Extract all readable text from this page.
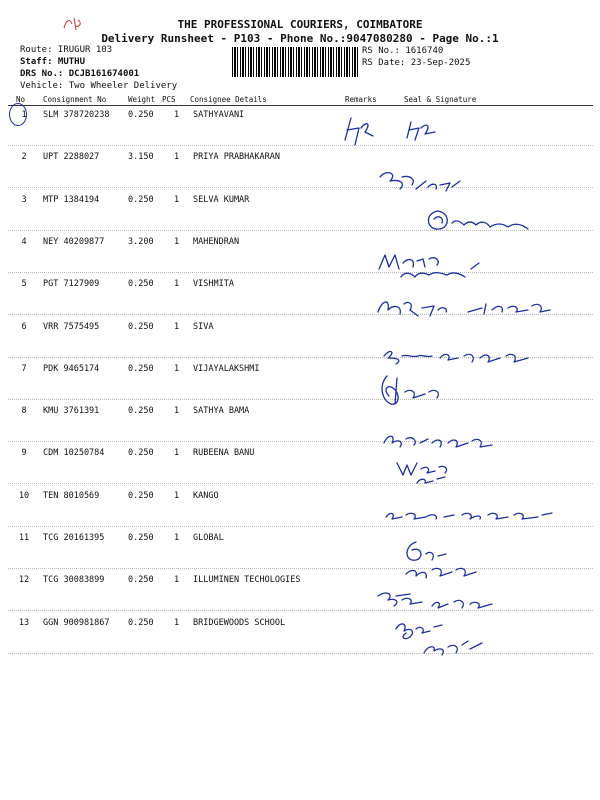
THE PROFESSIONAL COURIERS, COIMBATORE
Delivery Runsheet - P103 - Phone No.:9047080280 - Page No.:1
Route: IRUGUR 103
Staff: MUTHU
DRS No.: DCJB161674001
Vehicle: Two Wheeler Delivery
RS No.: 1616740
RS Date: 23-Sep-2025
No Consignment No	Weight PCS Consignee Details	Remarks	Seal & Signature
1	SLM 378720238 0.250 1 SATHYAVANI
2	UPT 2288027	3.150 1 PRIYA PRABHAKARAN
3	MTP 1384194	0.250 1 SELVA KUMAR
4	NEY 40209877	3.200 1 MAHENDRAN
5	PGT 7127909	0.250 1 VISHMITA
6	VRR 7575495	0.250 1 SIVA
7	PDK 9465174	0.250 1 VIJAYALAKSHMI
8	KMU 3761391	0.250 1 SATHYA BAMA
9	CDM 10250784	0.250 1 RUBEENA BANU
10	TEN 8010569	0.250 1 KANGO
11	TCG 20161395	0.250 1 GLOBAL
12	TCG 30083899	0.250 1 ILLUMINEN TECHOLOGIES
13	GGN 900981867 0.250 1 BRIDGEWOODS SCHOOL
